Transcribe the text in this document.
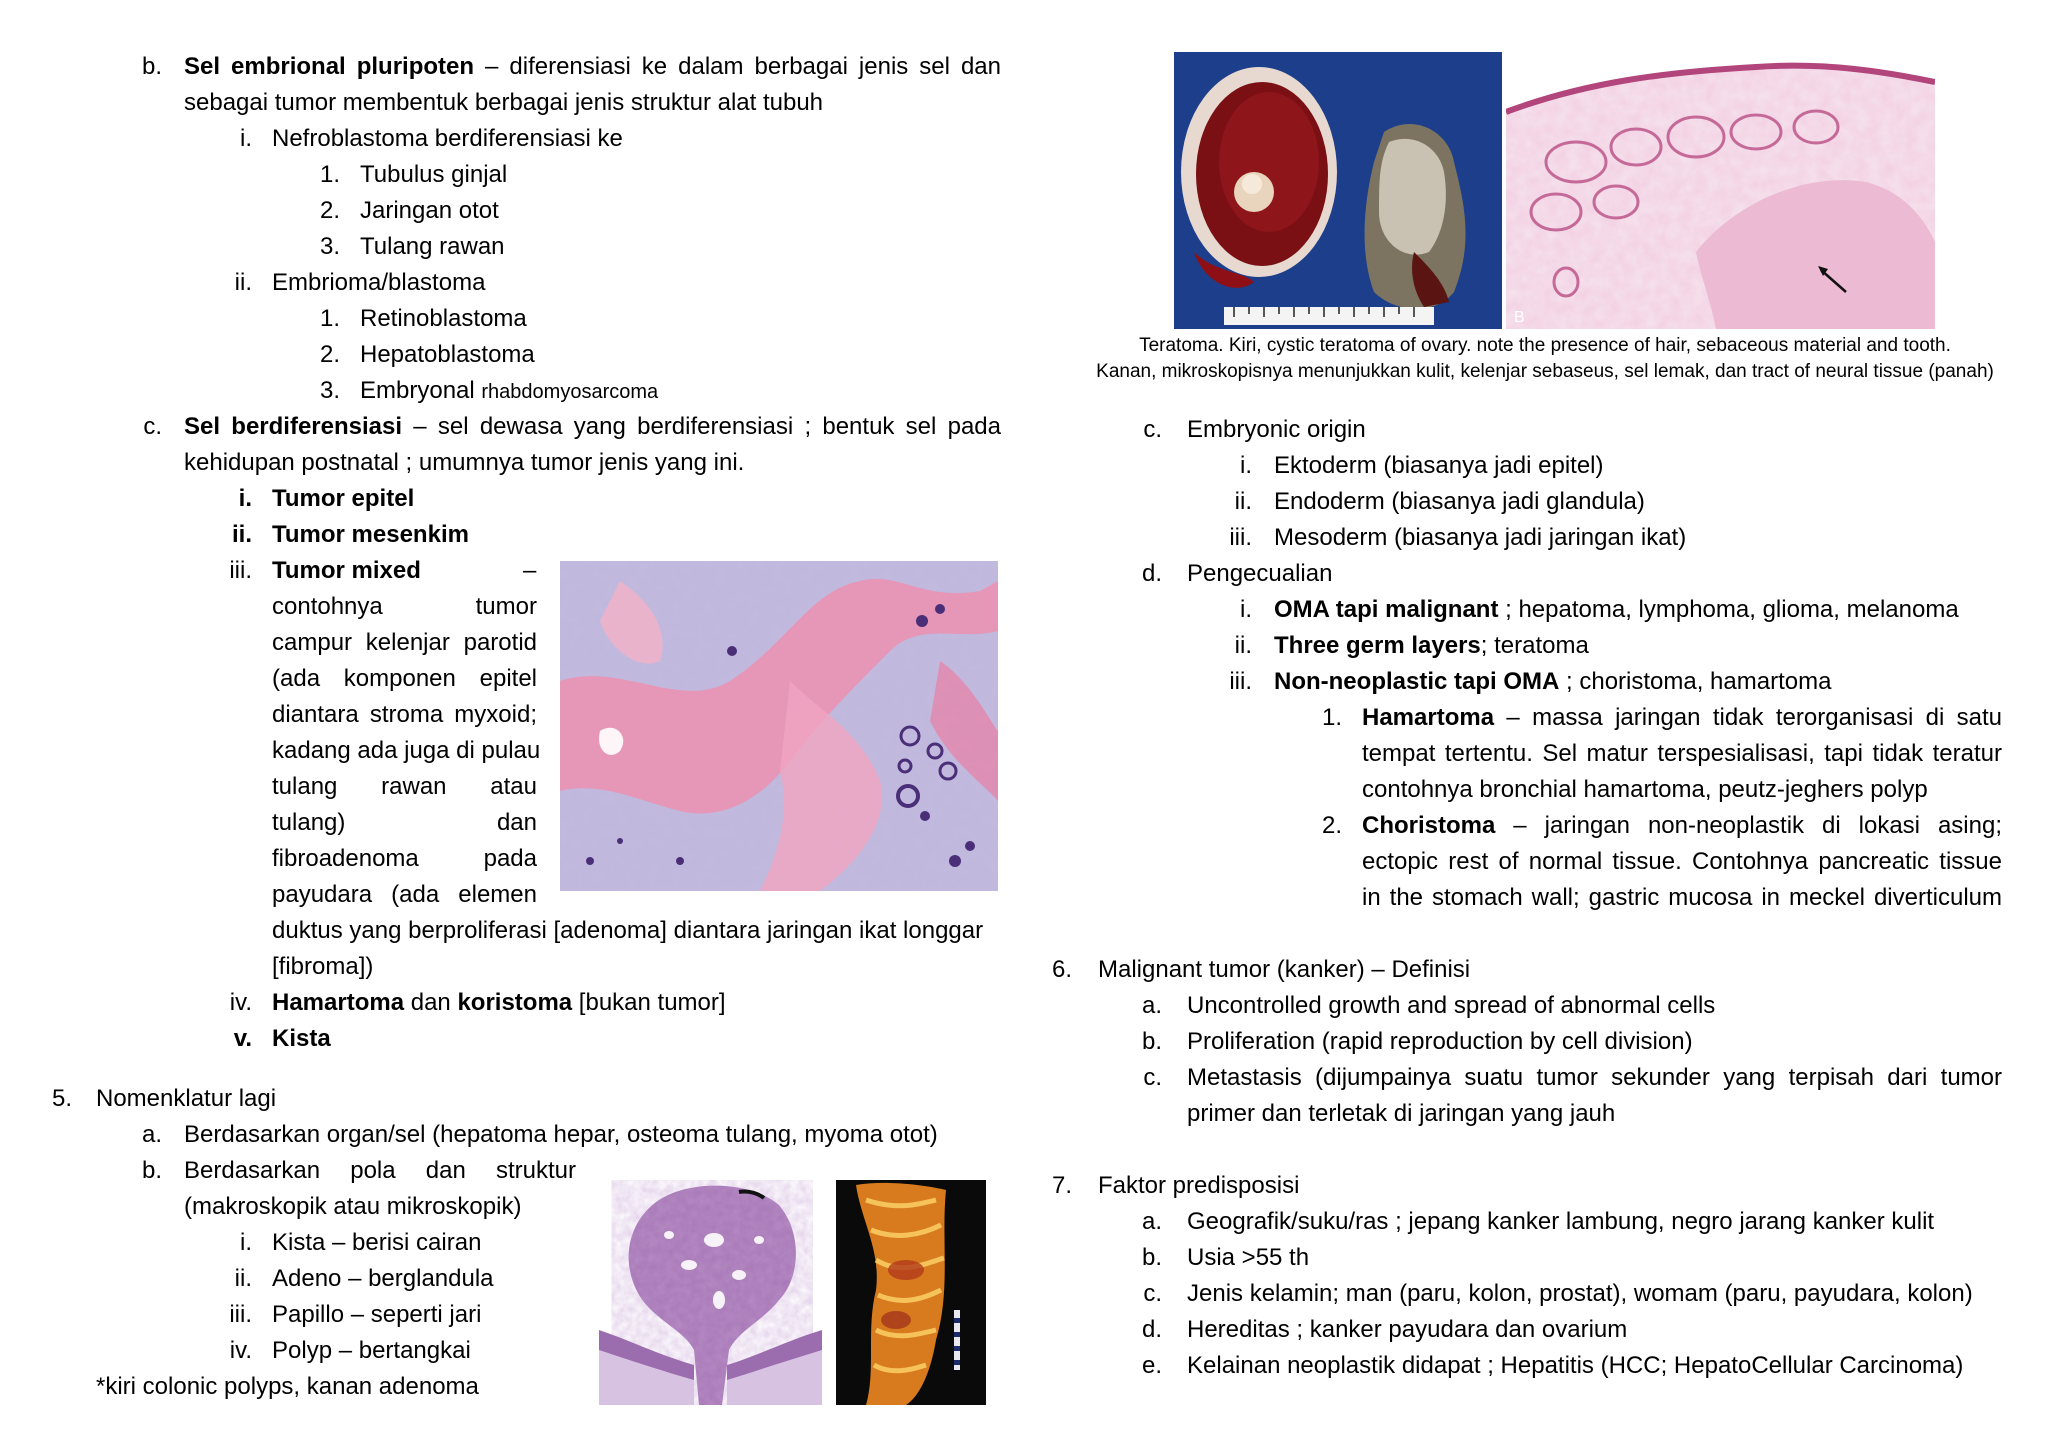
b. Sel embrional pluripoten – diferensiasi ke dalam berbagai jenis sel dan
sebagai tumor membentuk berbagai jenis struktur alat tubuh
i. Nefroblastoma berdiferensiasi ke
1. Tubulus ginjal
2. Jaringan otot
3. Tulang rawan
ii. Embrioma/blastoma
1. Retinoblastoma
2. Hepatoblastoma
3. Embryonal rhabdomyosarcoma
c. Sel berdiferensiasi – sel dewasa yang berdiferensiasi ; bentuk sel pada
kehidupan postnatal ; umumnya tumor jenis yang ini.
i. Tumor epitel
ii. Tumor mesenkim
iii. Tumor mixed	–
contohnya tumor
campur kelenjar parotid
(ada komponen epitel
diantara stroma myxoid;
kadang ada juga di pulau
tulang rawan atau
tulang) dan
fibroadenoma pada
payudara (ada elemen
duktus yang berproliferasi [adenoma] diantara jaringan ikat longgar
[fibroma])
iv. Hamartoma dan koristoma [bukan tumor]
v. Kista
5. Nomenklatur lagi
a. Berdasarkan organ/sel (hepatoma hepar, osteoma tulang, myoma otot)
b. Berdasarkan pola dan struktur
(makroskopik atau mikroskopik)
i. Kista – berisi cairan
ii. Adeno – berglandula
iii. Papillo – seperti jari
iv. Polyp – bertangkai
*kiri colonic polyps, kanan adenoma
B
Teratoma. Kiri, cystic teratoma of ovary. note the presence of hair, sebaceous material and tooth.
Kanan, mikroskopisnya menunjukkan kulit, kelenjar sebaseus, sel lemak, dan tract of neural tissue (panah)
c. Embryonic origin
i. Ektoderm (biasanya jadi epitel)
ii. Endoderm (biasanya jadi glandula)
iii. Mesoderm (biasanya jadi jaringan ikat)
d. Pengecualian
i. OMA tapi malignant ; hepatoma, lymphoma, glioma, melanoma
ii. Three germ layers; teratoma
iii. Non-neoplastic tapi OMA ; choristoma, hamartoma
1. Hamartoma – massa jaringan tidak terorganisasi di satu
tempat tertentu. Sel matur terspesialisasi, tapi tidak teratur
contohnya bronchial hamartoma, peutz-jeghers polyp
2. Choristoma – jaringan non-neoplastik di lokasi asing;
ectopic rest of normal tissue. Contohnya pancreatic tissue
in the stomach wall; gastric mucosa in meckel diverticulum
6. Malignant tumor (kanker) – Definisi
a. Uncontrolled growth and spread of abnormal cells
b. Proliferation (rapid reproduction by cell division)
c. Metastasis (dijumpainya suatu tumor sekunder yang terpisah dari tumor
primer dan terletak di jaringan yang jauh
7. Faktor predisposisi
a. Geografik/suku/ras ; jepang kanker lambung, negro jarang kanker kulit
b. Usia >55 th
c. Jenis kelamin; man (paru, kolon, prostat), womam (paru, payudara, kolon)
d. Hereditas ; kanker payudara dan ovarium
e. Kelainan neoplastik didapat ; Hepatitis (HCC; HepatoCellular Carcinoma)
